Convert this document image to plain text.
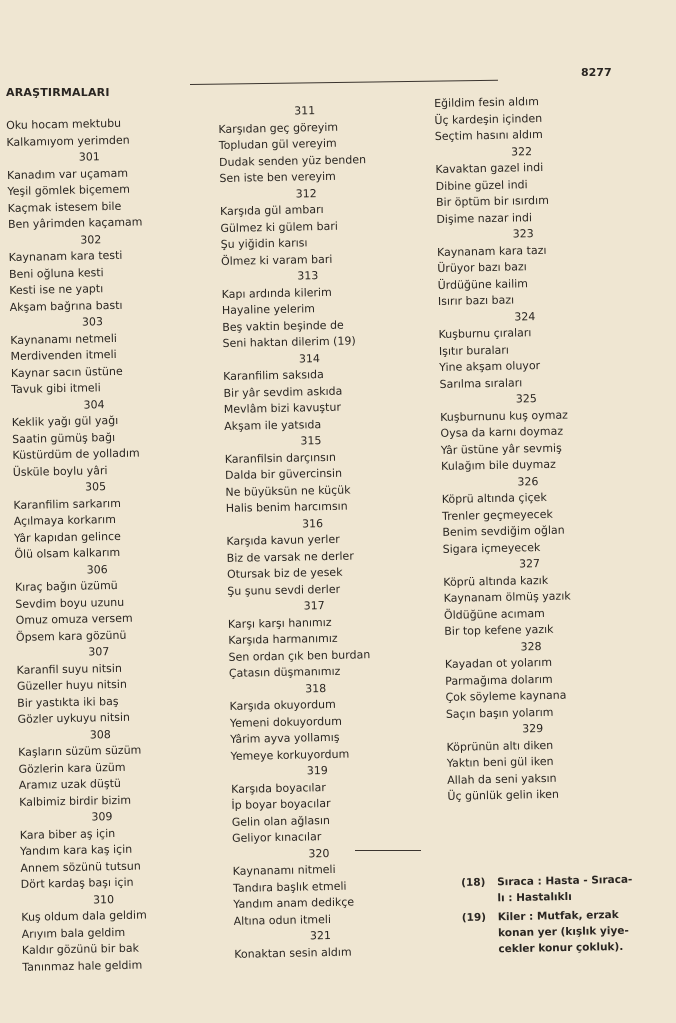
ARAŞTIRMALARI
8277
Oku hocam mektubu
Kalkamıyom yerimden
301
Kanadım var uçamam
Yeşil gömlek biçemem
Kaçmak istesem bile
Ben yârimden kaçamam
302
Kaynanam kara testi
Beni oğluna kesti
Kesti ise ne yaptı
Akşam bağrına bastı
303
Kaynanamı netmeli
Merdivenden itmeli
Kaynar sacın üstüne
Tavuk gibi itmeli
304
Keklik yağı gül yağı
Saatin gümüş bağı
Küstürdüm de yolladım
Üsküle boylu yâri
305
Karanfilim sarkarım
Açılmaya korkarım
Yâr kapıdan gelince
Ölü olsam kalkarım
306
Kıraç bağın üzümü
Sevdim boyu uzunu
Omuz omuza versem
Öpsem kara gözünü
307
Karanfil suyu nitsin
Güzeller huyu nitsin
Bir yastıkta iki baş
Gözler uykuyu nitsin
308
Kaşların süzüm süzüm
Gözlerin kara üzüm
Aramız uzak düştü
Kalbimiz birdir bizim
309
Kara biber aş için
Yandım kara kaş için
Annem sözünü tutsun
Dört kardaş başı için
310
Kuş oldum dala geldim
Arıyım bala geldim
Kaldır gözünü bir bak
Tanınmaz hale geldim
311
Karşıdan geç göreyim
Topludan gül vereyim
Dudak senden yüz benden
Sen iste ben vereyim
312
Karşıda gül ambarı
Gülmez ki gülem bari
Şu yiğidin karısı
Ölmez ki varam bari
313
Kapı ardında kilerim
Hayaline yelerim
Beş vaktin beşinde de
Seni haktan dilerim (19)
314
Karanfilim saksıda
Bir yâr sevdim askıda
Mevlâm bizi kavuştur
Akşam ile yatsıda
315
Karanfilsin darçınsın
Dalda bir güvercinsin
Ne büyüksün ne küçük
Halis benim harcımsın
316
Karşıda kavun yerler
Biz de varsak ne derler
Otursak biz de yesek
Şu şunu sevdi derler
317
Karşı karşı hanımız
Karşıda harmanımız
Sen ordan çık ben burdan
Çatasın düşmanımız
318
Karşıda okuyordum
Yemeni dokuyordum
Yârim ayva yollamış
Yemeye korkuyordum
319
Karşıda boyacılar
İp boyar boyacılar
Gelin olan ağlasın
Geliyor kınacılar
320
Kaynanamı nitmeli
Tandıra başlık etmeli
Yandım anam dedikçe
Altına odun itmeli
321
Konaktan sesin aldım
Eğildim fesin aldım
Üç kardeşin içinden
Seçtim hasını aldım
322
Kavaktan gazel indi
Dibine güzel indi
Bir öptüm bir ısırdım
Dişime nazar indi
323
Kaynanam kara tazı
Ürüyor bazı bazı
Ürdüğüne kailim
Isırır bazı bazı
324
Kuşburnu çıraları
Işıtır buraları
Yine akşam oluyor
Sarılma sıraları
325
Kuşburnunu kuş oymaz
Oysa da karnı doymaz
Yâr üstüne yâr sevmiş
Kulağım bile duymaz
326
Köprü altında çiçek
Trenler geçmeyecek
Benim sevdiğim oğlan
Sigara içmeyecek
327
Köprü altında kazık
Kaynanam ölmüş yazık
Öldüğüne acımam
Bir top kefene yazık
328
Kayadan ot yolarım
Parmağıma dolarım
Çok söyleme kaynana
Saçın başın yolarım
329
Köprünün altı diken
Yaktın beni gül iken
Allah da seni yaksın
Üç günlük gelin iken
(18) Sıraca : Hasta - Sıraca-
lı : Hastalıklı
(19) Kiler : Mutfak, erzak
konan yer (kışlık yiye-
cekler konur çokluk).
